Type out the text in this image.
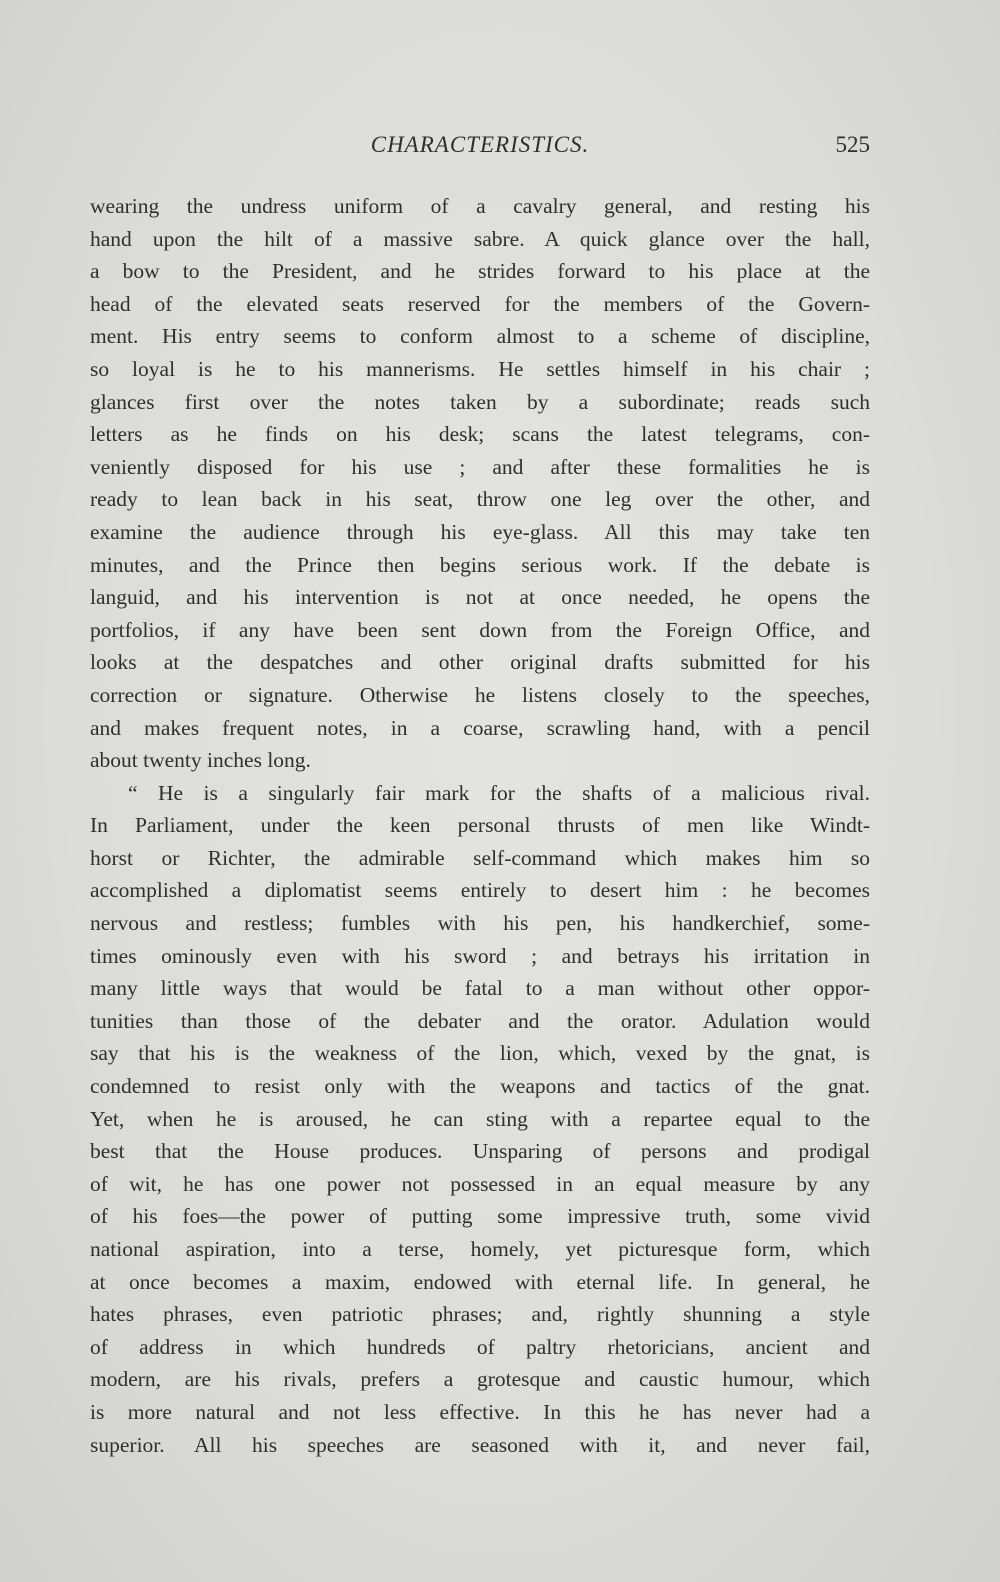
CHARACTERISTICS.	525
wearing the undress uniform of a cavalry general, and resting his
hand upon the hilt of a massive sabre. A quick glance over the hall,
a bow to the President, and he strides forward to his place at the
head of the elevated seats reserved for the members of the Govern-
ment. His entry seems to conform almost to a scheme of discipline,
so loyal is he to his mannerisms. He settles himself in his chair ;
glances first over the notes taken by a subordinate; reads such
letters as he finds on his desk; scans the latest telegrams, con-
veniently disposed for his use ; and after these formalities he is
ready to lean back in his seat, throw one leg over the other, and
examine the audience through his eye-glass. All this may take ten
minutes, and the Prince then begins serious work. If the debate is
languid, and his intervention is not at once needed, he opens the
portfolios, if any have been sent down from the Foreign Office, and
looks at the despatches and other original drafts submitted for his
correction or signature. Otherwise he listens closely to the speeches,
and makes frequent notes, in a coarse, scrawling hand, with a pencil
about twenty inches long.
“ He is a singularly fair mark for the shafts of a malicious rival.
In Parliament, under the keen personal thrusts of men like Windt-
horst or Richter, the admirable self-command which makes him so
accomplished a diplomatist seems entirely to desert him : he becomes
nervous and restless; fumbles with his pen, his handkerchief, some-
times ominously even with his sword ; and betrays his irritation in
many little ways that would be fatal to a man without other oppor-
tunities than those of the debater and the orator. Adulation would
say that his is the weakness of the lion, which, vexed by the gnat, is
condemned to resist only with the weapons and tactics of the gnat.
Yet, when he is aroused, he can sting with a repartee equal to the
best that the House produces. Unsparing of persons and prodigal
of wit, he has one power not possessed in an equal measure by any
of his foes—the power of putting some impressive truth, some vivid
national aspiration, into a terse, homely, yet picturesque form, which
at once becomes a maxim, endowed with eternal life. In general, he
hates phrases, even patriotic phrases; and, rightly shunning a style
of address in which hundreds of paltry rhetoricians, ancient and
modern, are his rivals, prefers a grotesque and caustic humour, which
is more natural and not less effective. In this he has never had a
superior. All his speeches are seasoned with it, and never fail,
